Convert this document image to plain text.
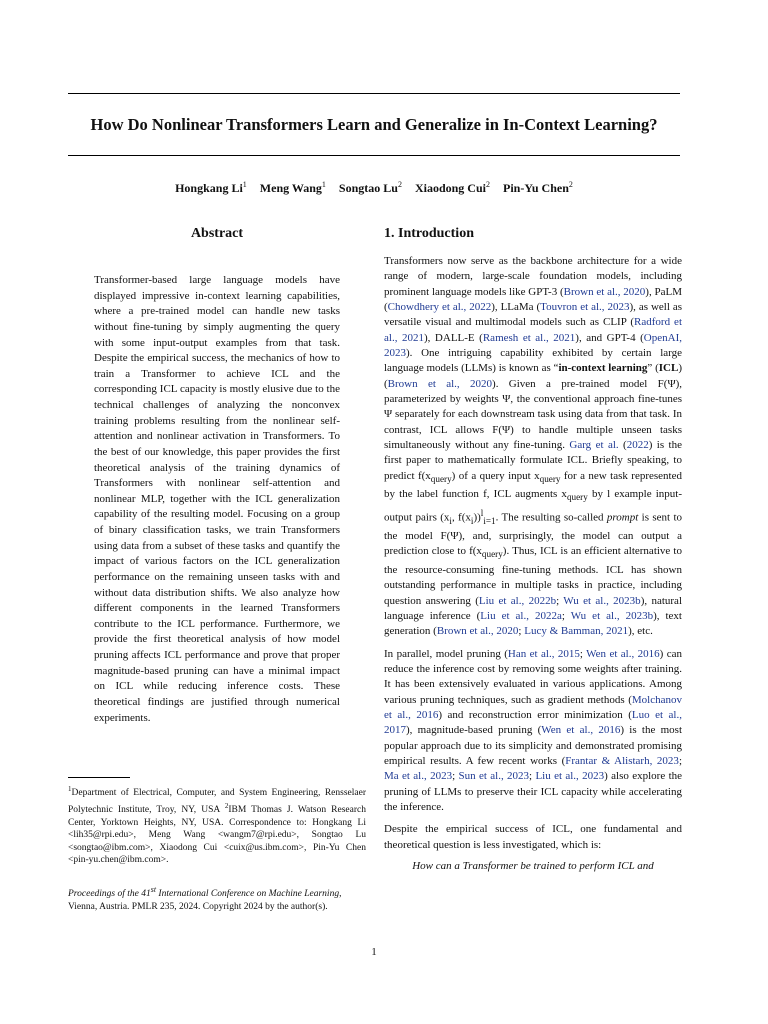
How Do Nonlinear Transformers Learn and Generalize in In-Context Learning?
Hongkang Li$^1$ Meng Wang$^1$ Songtao Lu$^2$ Xiaodong Cui$^2$ Pin-Yu Chen$^2$
Abstract
Transformer-based large language models have displayed impressive in-context learning capabilities, where a pre-trained model can handle new tasks without fine-tuning by simply augmenting the query with some input-output examples from that task. Despite the empirical success, the mechanics of how to train a Transformer to achieve ICL and the corresponding ICL capacity is mostly elusive due to the technical challenges of analyzing the nonconvex training problems resulting from the nonlinear self-attention and nonlinear activation in Transformers. To the best of our knowledge, this paper provides the first theoretical analysis of the training dynamics of Transformers with nonlinear self-attention and nonlinear MLP, together with the ICL generalization capability of the resulting model. Focusing on a group of binary classification tasks, we train Transformers using data from a subset of these tasks and quantify the impact of various factors on the ICL generalization performance on the remaining unseen tasks with and without data distribution shifts. We also analyze how different components in the learned Transformers contribute to the ICL performance. Furthermore, we provide the first theoretical analysis of how model pruning affects ICL performance and prove that proper magnitude-based pruning can have a minimal impact on ICL while reducing inference costs. These theoretical findings are justified through numerical experiments.
1. Introduction

Transformers now serve as the backbone architecture for a wide range of modern, large-scale foundation models, including prominent language models like GPT-3 (Brown et al., 2020), PaLM (Chowdhery et al., 2022), LLaMa (Touvron et al., 2023), as well as versatile visual and multimodal models such as CLIP (Radford et al., 2021), DALL-E (Ramesh et al., 2021), and GPT-4 (OpenAI, 2023). One intriguing capability exhibited by certain large language models (LLMs) is known as “in-context learning” (ICL) (Brown et al., 2020). Given a pre-trained model F(Ψ), parameterized by weights Ψ, the conventional approach fine-tunes Ψ separately for each downstream task using data from that task. In contrast, ICL allows F(Ψ) to handle multiple unseen tasks simultaneously without any fine-tuning. Garg et al. (2022) is the first paper to mathematically formulate ICL. Briefly speaking, to predict $f(x_{query})$ of a query input $x_{query}$ for a new task represented by the label function f, ICL augments $x_{query}$ by l example input-output pairs ($x_i$, $f(x_i))^l_{i=1}$. The resulting so-called prompt is sent to the model F(Ψ), and, surprisingly, the model can output a prediction close to $f(x_{query})$. Thus, ICL is an efficient alternative to the resource-consuming fine-tuning methods. ICL has shown outstanding performance in multiple tasks in practice, including question answering (Liu et al., 2022b; Wu et al., 2023b), natural language inference (Liu et al., 2022a; Wu et al., 2023b), text generation (Brown et al., 2020; Lucy & Bamman, 2021), etc.

In parallel, model pruning (Han et al., 2015; Wen et al., 2016) can reduce the inference cost by removing some weights after training. It has been extensively evaluated in various applications. Among various pruning techniques, such as gradient methods (Molchanov et al., 2016) and reconstruction error minimization (Luo et al., 2017), magnitude-based pruning (Wen et al., 2016) is the most popular approach due to its simplicity and demonstrated promising empirical results. A few recent works (Frantar & Alistarh, 2023; Ma et al., 2023; Sun et al., 2023; Liu et al., 2023) also explore the pruning of LLMs to preserve their ICL capacity while accelerating the inference.

Despite the empirical success of ICL, one fundamental and theoretical question is less investigated, which is:

How can a Transformer be trained to perform ICL and
$^1$Department of Electrical, Computer, and System Engineering, Rensselaer Polytechnic Institute, Troy, NY, USA $^2$IBM Thomas J. Watson Research Center, Yorktown Heights, NY, USA. Correspondence to: Hongkang Li <lih35@rpi.edu>, Meng Wang <wangm7@rpi.edu>, Songtao Lu <songtao@ibm.com>, Xiaodong Cui <cuix@us.ibm.com>, Pin-Yu Chen <pin-yu.chen@ibm.com>.
Proceedings of the 41st International Conference on Machine Learning, Vienna, Austria. PMLR 235, 2024. Copyright 2024 by the author(s).
1
